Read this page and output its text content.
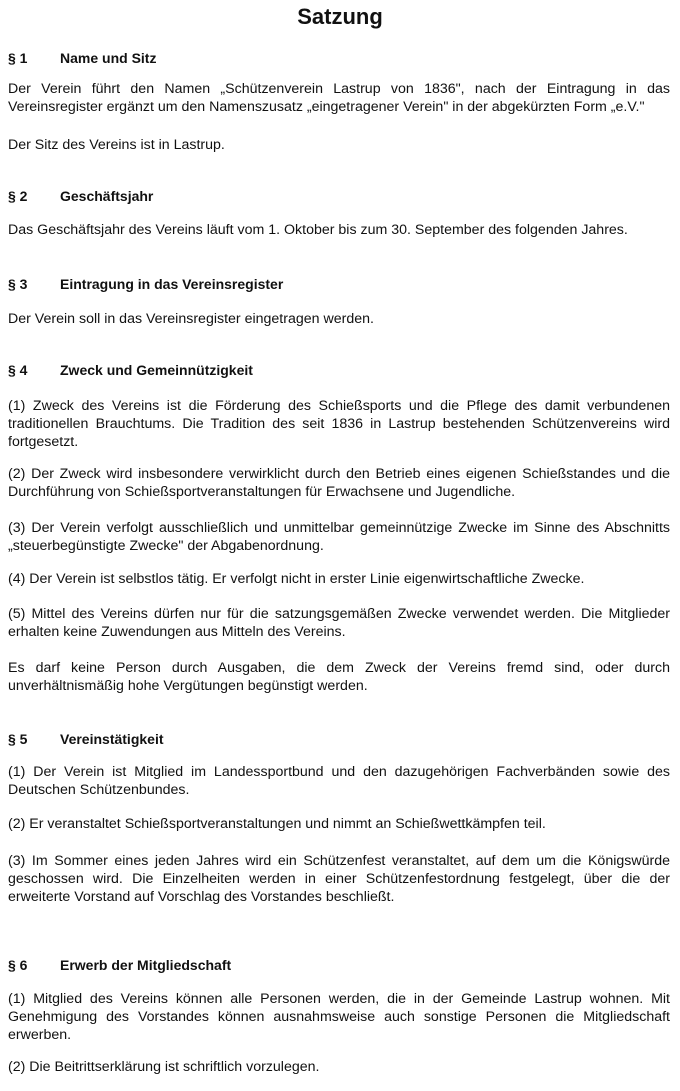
Satzung
§ 1 Name und Sitz
Der Verein führt den Namen „Schützenverein Lastrup von 1836", nach der Eintragung in das Vereinsregister ergänzt um den Namenszusatz „eingetragener Verein" in der abgekürzten Form „e.V."
Der Sitz des Vereins ist in Lastrup.
§ 2 Geschäftsjahr
Das Geschäftsjahr des Vereins läuft vom 1. Oktober bis zum 30. September des folgenden Jahres.
§ 3 Eintragung in das Vereinsregister
Der Verein soll in das Vereinsregister eingetragen werden.
§ 4 Zweck und Gemeinnützigkeit
(1) Zweck des Vereins ist die Förderung des Schießsports und die Pflege des damit verbundenen traditionellen Brauchtums. Die Tradition des seit 1836 in Lastrup bestehenden Schützenvereins wird fortgesetzt.
(2) Der Zweck wird insbesondere verwirklicht durch den Betrieb eines eigenen Schießstandes und die Durchführung von Schießsportveranstaltungen für Erwachsene und Jugendliche.
(3) Der Verein verfolgt ausschließlich und unmittelbar gemeinnützige Zwecke im Sinne des Abschnitts „steuerbegünstigte Zwecke" der Abgabenordnung.
(4) Der Verein ist selbstlos tätig. Er verfolgt nicht in erster Linie eigenwirtschaftliche Zwecke.
(5) Mittel des Vereins dürfen nur für die satzungsgemäßen Zwecke verwendet werden. Die Mitglieder erhalten keine Zuwendungen aus Mitteln des Vereins.
Es darf keine Person durch Ausgaben, die dem Zweck der Vereins fremd sind, oder durch unverhältnismäßig hohe Vergütungen begünstigt werden.
§ 5 Vereinstätigkeit
(1) Der Verein ist Mitglied im Landessportbund und den dazugehörigen Fachverbänden sowie des Deutschen Schützenbundes.
(2) Er veranstaltet Schießsportveranstaltungen und nimmt an Schießwettkämpfen teil.
(3) Im Sommer eines jeden Jahres wird ein Schützenfest veranstaltet, auf dem um die Königswürde geschossen wird. Die Einzelheiten werden in einer Schützenfestordnung festgelegt, über die der erweiterte Vorstand auf Vorschlag des Vorstandes beschließt.
§ 6 Erwerb der Mitgliedschaft
(1) Mitglied des Vereins können alle Personen werden, die in der Gemeinde Lastrup wohnen. Mit Genehmigung des Vorstandes können ausnahmsweise auch sonstige Personen die Mitgliedschaft erwerben.
(2) Die Beitrittserklärung ist schriftlich vorzulegen.
